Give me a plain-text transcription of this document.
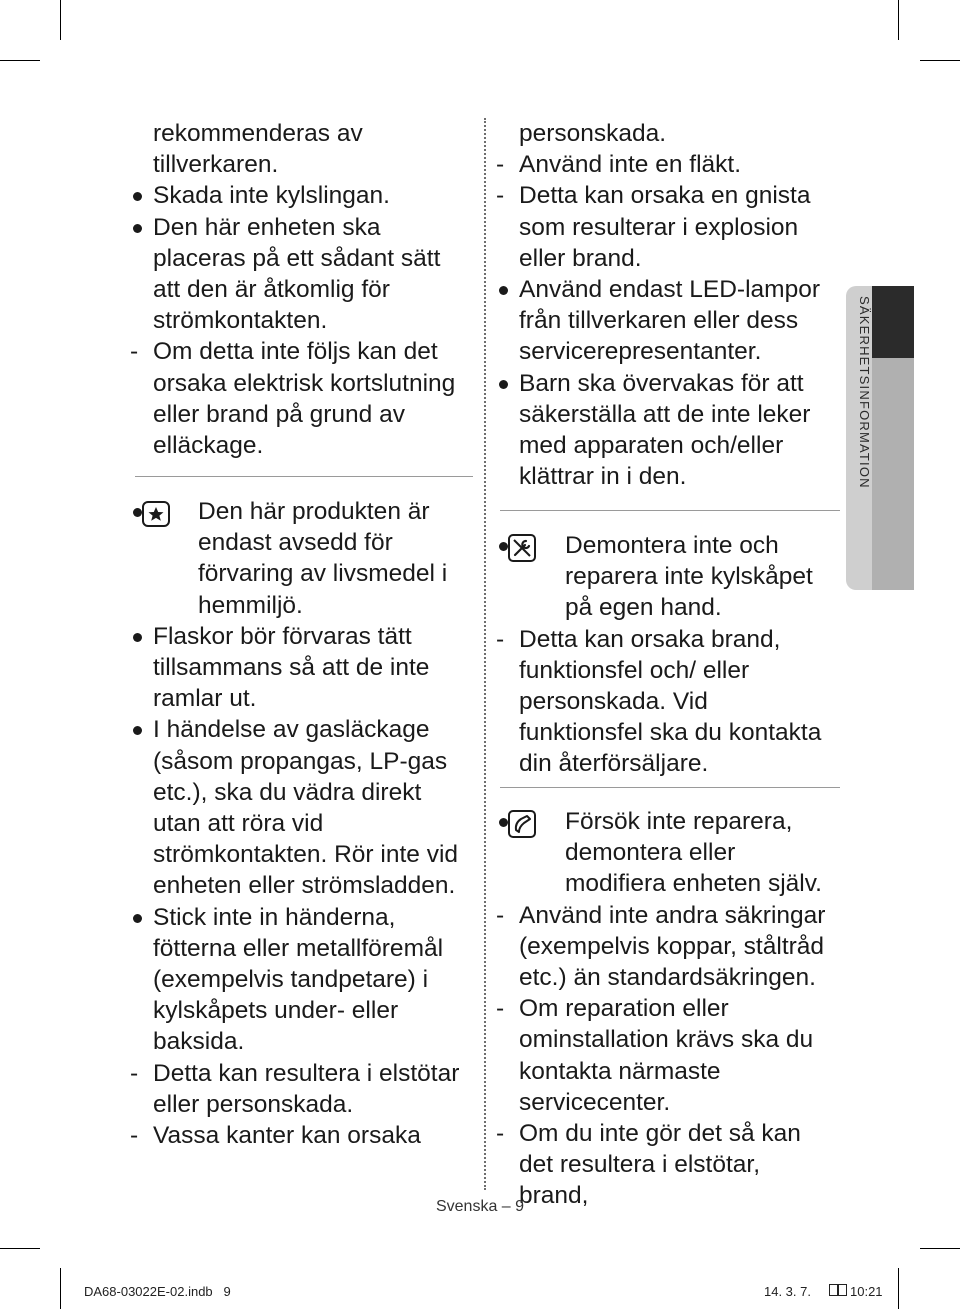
rekommenderas av tillverkaren.

Skada inte kylslingan.

Den här enheten ska placeras på ett sådant sätt att den är åtkomlig för strömkontakten.

- Om detta inte följs kan det orsaka elektrisk kortslutning eller brand på grund av elläckage.

Den här produkten är endast avsedd för förvaring av livsmedel i hemmiljö.

Flaskor bör förvaras tätt tillsammans så att de inte ramlar ut.

I händelse av gasläckage (såsom propangas, LP-gas etc.), ska du vädra direkt utan att röra vid strömkontakten. Rör inte vid enheten eller strömsladden.

Stick inte in händerna, fötterna eller metallföremål (exempelvis tandpetare) i kylskåpets under- eller baksida.

- Detta kan resultera i elstötar eller personskada.

- Vassa kanter kan orsaka

personskada.

- Använd inte en fläkt.

- Detta kan orsaka en gnista som resulterar i explosion eller brand.

Använd endast LED-lampor från tillverkaren eller dess servicerepresentanter.

Barn ska övervakas för att säkerställa att de inte leker med apparaten och/eller klättrar in i den.

Demontera inte och reparera inte kylskåpet på egen hand.

- Detta kan orsaka brand, funktionsfel och/ eller personskada. Vid funktionsfel ska du kontakta din återförsäljare.

Försök inte reparera, demontera eller modifiera enheten själv.

- Använd inte andra säkringar (exempelvis koppar, ståltråd etc.) än standardsäkringen.

- Om reparation eller ominstallation krävs ska du kontakta närmaste servicecenter.

- Om du inte gör det så kan det resultera i elstötar, brand,

SÄKERHETSINFORMATION
Svenska – 9
DA68-03022E-02.indb   9	14. 3. 7.	10:21
